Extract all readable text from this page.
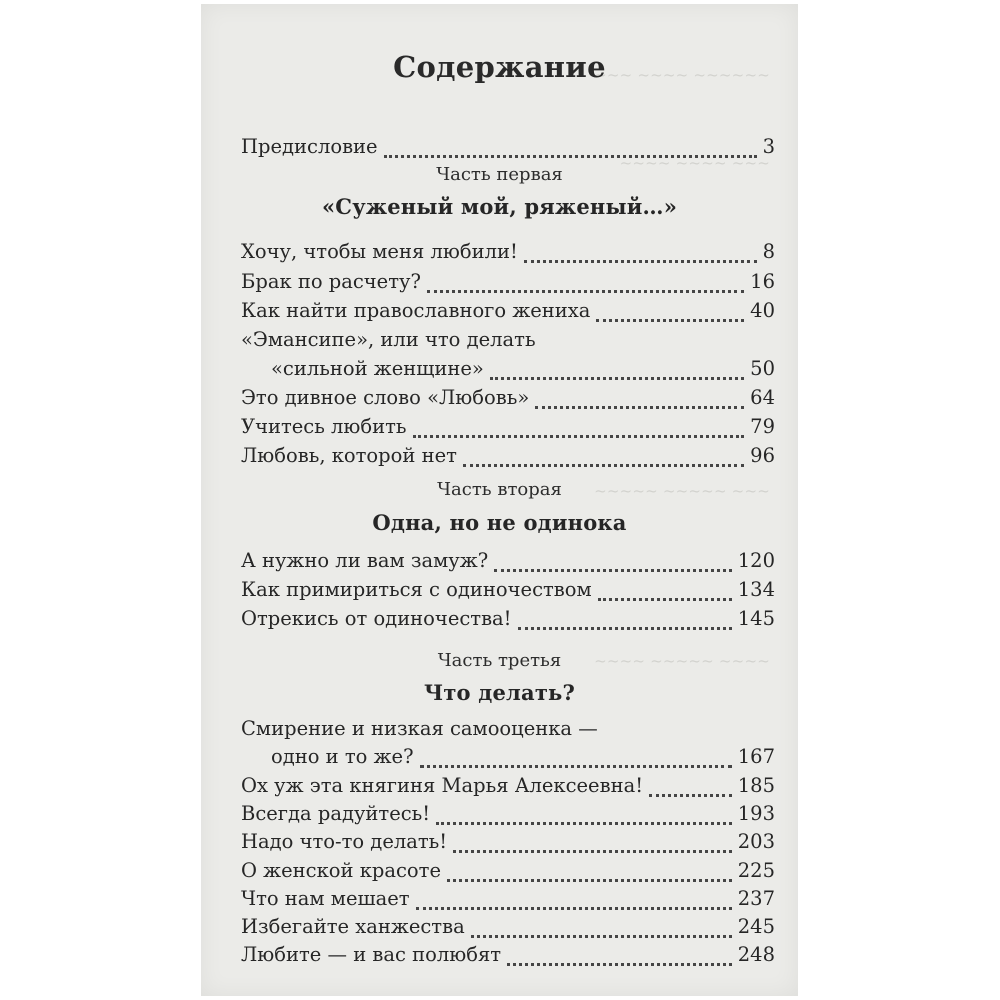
~~~ ~~~~ ~~~~~~
~~~~ ~~~~ ~~~
~~~~~ ~~~~~ ~~~
~~~~ ~~~~~ ~~~~
Содержание
Предисловие	3
Часть первая
«Суженый мой, ряженый…»
Хочу, чтобы меня любили!	8
Брак по расчету?	16
Как найти православного жениха	40
«Эмансипе», или что делать
«сильной женщине»	50
Это дивное слово «Любовь»	64
Учитесь любить	79
Любовь, которой нет	96
Часть вторая
Одна, но не одинока
А нужно ли вам замуж?	120
Как примириться с одиночеством	134
Отрекись от одиночества!	145
Часть третья
Что делать?
Смирение и низкая самооценка —
одно и то же?	167
Ох уж эта княгиня Марья Алексеевна!	185
Всегда радуйтесь!	193
Надо что-то делать!	203
О женской красоте	225
Что нам мешает	237
Избегайте ханжества	245
Любите — и вас полюбят	248
